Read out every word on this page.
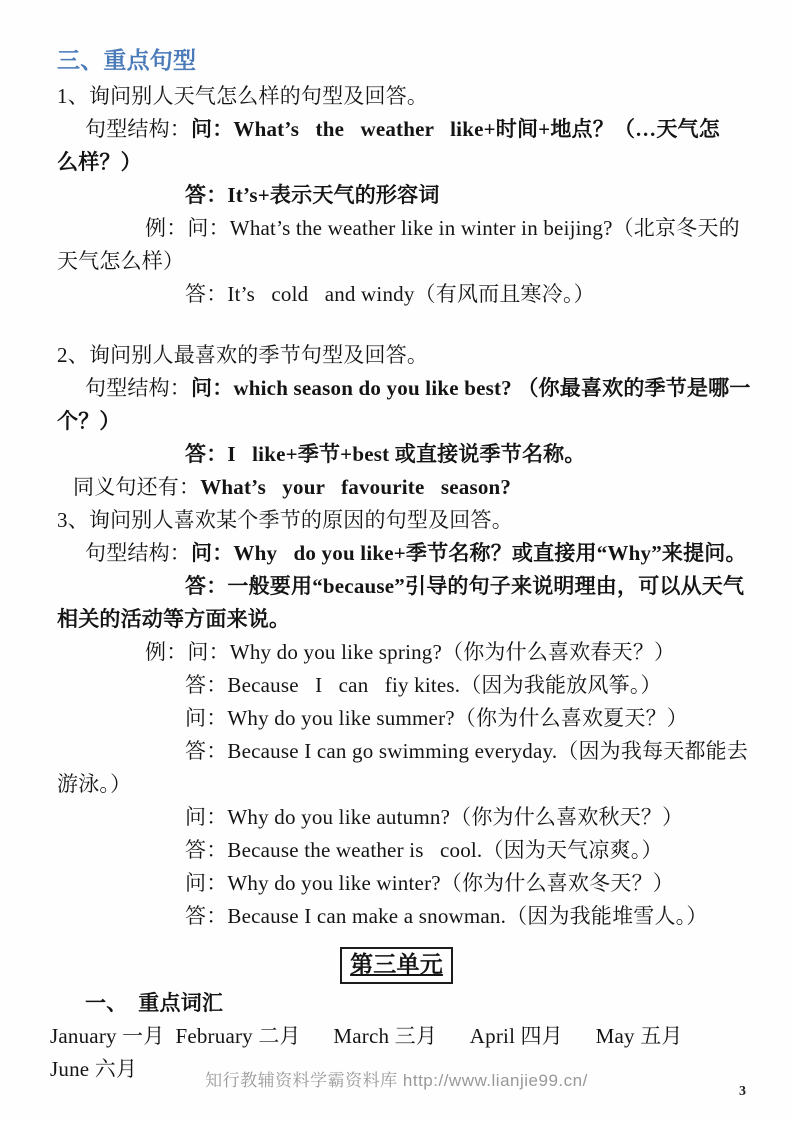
三、重点句型
1、询问别人天气怎么样的句型及回答。
句型结构：问：What’s   the   weather   like+时间+地点？（…天气怎
么样？）
答：It’s+表示天气的形容词
例：问：What’s the weather like in winter in beijing?（北京冬天的
天气怎么样）
答：It’s   cold   and windy（有风而且寒冷。）
2、询问别人最喜欢的季节句型及回答。
句型结构：问：which season do you like best? （你最喜欢的季节是哪一
个？）
答：I   like+季节+best 或直接说季节名称。
同义句还有：What’s   your   favourite   season?
3、询问别人喜欢某个季节的原因的句型及回答。
句型结构：问：Why   do you like+季节名称？或直接用“Why”来提问。
答：一般要用“because”引导的句子来说明理由，可以从天气
相关的活动等方面来说。
例：问：Why do you like spring?（你为什么喜欢春天？）
答：Because   I   can   fiy kites.（因为我能放风筝。）
问：Why do you like summer?（你为什么喜欢夏天？）
答：Because I can go swimming everyday.（因为我每天都能去
游泳。）
问：Why do you like autumn?（你为什么喜欢秋天？）
答：Because the weather is   cool.（因为天气凉爽。）
问：Why do you like winter?（你为什么喜欢冬天？）
答：Because I can make a snowman.（因为我能堆雪人。）
第三单元
一、  重点词汇
January 一月  February 二月      March 三月      April 四月      May 五月
June 六月	知行教辅资料学霸资料库 http://www.lianjie99.cn/
3
